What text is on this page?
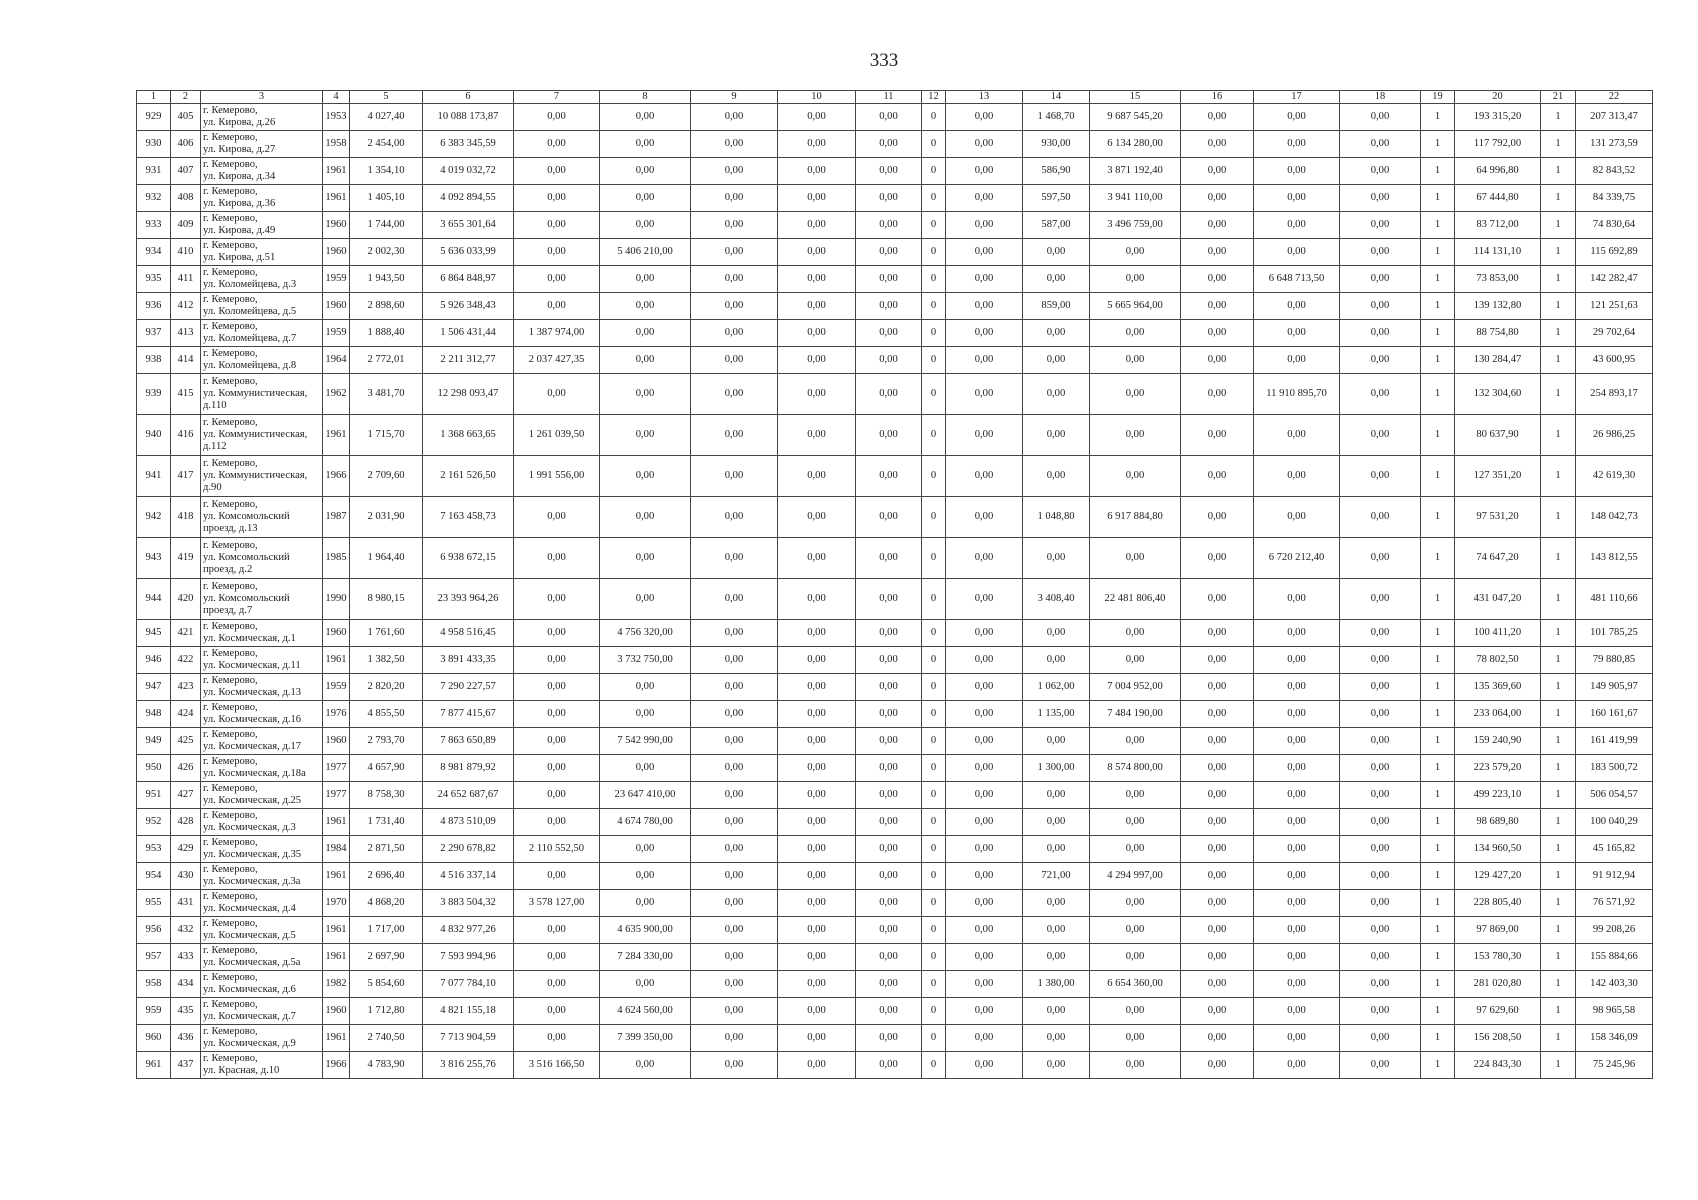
333
1	2	3	4	5	6	7	8	9	10	11	12	13	14	15	16	17	18	19	20	21	22
929	405	г. Кемерово,
ул. Кирова, д.26	1953	4 027,40	10 088 173,87	0,00	0,00	0,00	0,00	0,00	0	0,00	1 468,70	9 687 545,20	0,00	0,00	0,00	1	193 315,20	1	207 313,47
930	406	г. Кемерово,
ул. Кирова, д.27	1958	2 454,00	6 383 345,59	0,00	0,00	0,00	0,00	0,00	0	0,00	930,00	6 134 280,00	0,00	0,00	0,00	1	117 792,00	1	131 273,59
931	407	г. Кемерово,
ул. Кирова, д.34	1961	1 354,10	4 019 032,72	0,00	0,00	0,00	0,00	0,00	0	0,00	586,90	3 871 192,40	0,00	0,00	0,00	1	64 996,80	1	82 843,52
932	408	г. Кемерово,
ул. Кирова, д.36	1961	1 405,10	4 092 894,55	0,00	0,00	0,00	0,00	0,00	0	0,00	597,50	3 941 110,00	0,00	0,00	0,00	1	67 444,80	1	84 339,75
933	409	г. Кемерово,
ул. Кирова, д.49	1960	1 744,00	3 655 301,64	0,00	0,00	0,00	0,00	0,00	0	0,00	587,00	3 496 759,00	0,00	0,00	0,00	1	83 712,00	1	74 830,64
934	410	г. Кемерово,
ул. Кирова, д.51	1960	2 002,30	5 636 033,99	0,00	5 406 210,00	0,00	0,00	0,00	0	0,00	0,00	0,00	0,00	0,00	0,00	1	114 131,10	1	115 692,89
935	411	г. Кемерово,
ул. Коломейцева, д.3	1959	1 943,50	6 864 848,97	0,00	0,00	0,00	0,00	0,00	0	0,00	0,00	0,00	0,00	6 648 713,50	0,00	1	73 853,00	1	142 282,47
936	412	г. Кемерово,
ул. Коломейцева, д.5	1960	2 898,60	5 926 348,43	0,00	0,00	0,00	0,00	0,00	0	0,00	859,00	5 665 964,00	0,00	0,00	0,00	1	139 132,80	1	121 251,63
937	413	г. Кемерово,
ул. Коломейцева, д.7	1959	1 888,40	1 506 431,44	1 387 974,00	0,00	0,00	0,00	0,00	0	0,00	0,00	0,00	0,00	0,00	0,00	1	88 754,80	1	29 702,64
938	414	г. Кемерово,
ул. Коломейцева, д.8	1964	2 772,01	2 211 312,77	2 037 427,35	0,00	0,00	0,00	0,00	0	0,00	0,00	0,00	0,00	0,00	0,00	1	130 284,47	1	43 600,95
939	415	г. Кемерово,
ул. Коммунистическая,
д.110	1962	3 481,70	12 298 093,47	0,00	0,00	0,00	0,00	0,00	0	0,00	0,00	0,00	0,00	11 910 895,70	0,00	1	132 304,60	1	254 893,17
940	416	г. Кемерово,
ул. Коммунистическая,
д.112	1961	1 715,70	1 368 663,65	1 261 039,50	0,00	0,00	0,00	0,00	0	0,00	0,00	0,00	0,00	0,00	0,00	1	80 637,90	1	26 986,25
941	417	г. Кемерово,
ул. Коммунистическая,
д.90	1966	2 709,60	2 161 526,50	1 991 556,00	0,00	0,00	0,00	0,00	0	0,00	0,00	0,00	0,00	0,00	0,00	1	127 351,20	1	42 619,30
942	418	г. Кемерово,
ул. Комсомольский
проезд, д.13	1987	2 031,90	7 163 458,73	0,00	0,00	0,00	0,00	0,00	0	0,00	1 048,80	6 917 884,80	0,00	0,00	0,00	1	97 531,20	1	148 042,73
943	419	г. Кемерово,
ул. Комсомольский
проезд, д.2	1985	1 964,40	6 938 672,15	0,00	0,00	0,00	0,00	0,00	0	0,00	0,00	0,00	0,00	6 720 212,40	0,00	1	74 647,20	1	143 812,55
944	420	г. Кемерово,
ул. Комсомольский
проезд, д.7	1990	8 980,15	23 393 964,26	0,00	0,00	0,00	0,00	0,00	0	0,00	3 408,40	22 481 806,40	0,00	0,00	0,00	1	431 047,20	1	481 110,66
945	421	г. Кемерово,
ул. Космическая, д.1	1960	1 761,60	4 958 516,45	0,00	4 756 320,00	0,00	0,00	0,00	0	0,00	0,00	0,00	0,00	0,00	0,00	1	100 411,20	1	101 785,25
946	422	г. Кемерово,
ул. Космическая, д.11	1961	1 382,50	3 891 433,35	0,00	3 732 750,00	0,00	0,00	0,00	0	0,00	0,00	0,00	0,00	0,00	0,00	1	78 802,50	1	79 880,85
947	423	г. Кемерово,
ул. Космическая, д.13	1959	2 820,20	7 290 227,57	0,00	0,00	0,00	0,00	0,00	0	0,00	1 062,00	7 004 952,00	0,00	0,00	0,00	1	135 369,60	1	149 905,97
948	424	г. Кемерово,
ул. Космическая, д.16	1976	4 855,50	7 877 415,67	0,00	0,00	0,00	0,00	0,00	0	0,00	1 135,00	7 484 190,00	0,00	0,00	0,00	1	233 064,00	1	160 161,67
949	425	г. Кемерово,
ул. Космическая, д.17	1960	2 793,70	7 863 650,89	0,00	7 542 990,00	0,00	0,00	0,00	0	0,00	0,00	0,00	0,00	0,00	0,00	1	159 240,90	1	161 419,99
950	426	г. Кемерово,
ул. Космическая, д.18а	1977	4 657,90	8 981 879,92	0,00	0,00	0,00	0,00	0,00	0	0,00	1 300,00	8 574 800,00	0,00	0,00	0,00	1	223 579,20	1	183 500,72
951	427	г. Кемерово,
ул. Космическая, д.25	1977	8 758,30	24 652 687,67	0,00	23 647 410,00	0,00	0,00	0,00	0	0,00	0,00	0,00	0,00	0,00	0,00	1	499 223,10	1	506 054,57
952	428	г. Кемерово,
ул. Космическая, д.3	1961	1 731,40	4 873 510,09	0,00	4 674 780,00	0,00	0,00	0,00	0	0,00	0,00	0,00	0,00	0,00	0,00	1	98 689,80	1	100 040,29
953	429	г. Кемерово,
ул. Космическая, д.35	1984	2 871,50	2 290 678,82	2 110 552,50	0,00	0,00	0,00	0,00	0	0,00	0,00	0,00	0,00	0,00	0,00	1	134 960,50	1	45 165,82
954	430	г. Кемерово,
ул. Космическая, д.3а	1961	2 696,40	4 516 337,14	0,00	0,00	0,00	0,00	0,00	0	0,00	721,00	4 294 997,00	0,00	0,00	0,00	1	129 427,20	1	91 912,94
955	431	г. Кемерово,
ул. Космическая, д.4	1970	4 868,20	3 883 504,32	3 578 127,00	0,00	0,00	0,00	0,00	0	0,00	0,00	0,00	0,00	0,00	0,00	1	228 805,40	1	76 571,92
956	432	г. Кемерово,
ул. Космическая, д.5	1961	1 717,00	4 832 977,26	0,00	4 635 900,00	0,00	0,00	0,00	0	0,00	0,00	0,00	0,00	0,00	0,00	1	97 869,00	1	99 208,26
957	433	г. Кемерово,
ул. Космическая, д.5а	1961	2 697,90	7 593 994,96	0,00	7 284 330,00	0,00	0,00	0,00	0	0,00	0,00	0,00	0,00	0,00	0,00	1	153 780,30	1	155 884,66
958	434	г. Кемерово,
ул. Космическая, д.6	1982	5 854,60	7 077 784,10	0,00	0,00	0,00	0,00	0,00	0	0,00	1 380,00	6 654 360,00	0,00	0,00	0,00	1	281 020,80	1	142 403,30
959	435	г. Кемерово,
ул. Космическая, д.7	1960	1 712,80	4 821 155,18	0,00	4 624 560,00	0,00	0,00	0,00	0	0,00	0,00	0,00	0,00	0,00	0,00	1	97 629,60	1	98 965,58
960	436	г. Кемерово,
ул. Космическая, д.9	1961	2 740,50	7 713 904,59	0,00	7 399 350,00	0,00	0,00	0,00	0	0,00	0,00	0,00	0,00	0,00	0,00	1	156 208,50	1	158 346,09
961	437	г. Кемерово,
ул. Красная, д.10	1966	4 783,90	3 816 255,76	3 516 166,50	0,00	0,00	0,00	0,00	0	0,00	0,00	0,00	0,00	0,00	0,00	1	224 843,30	1	75 245,96
